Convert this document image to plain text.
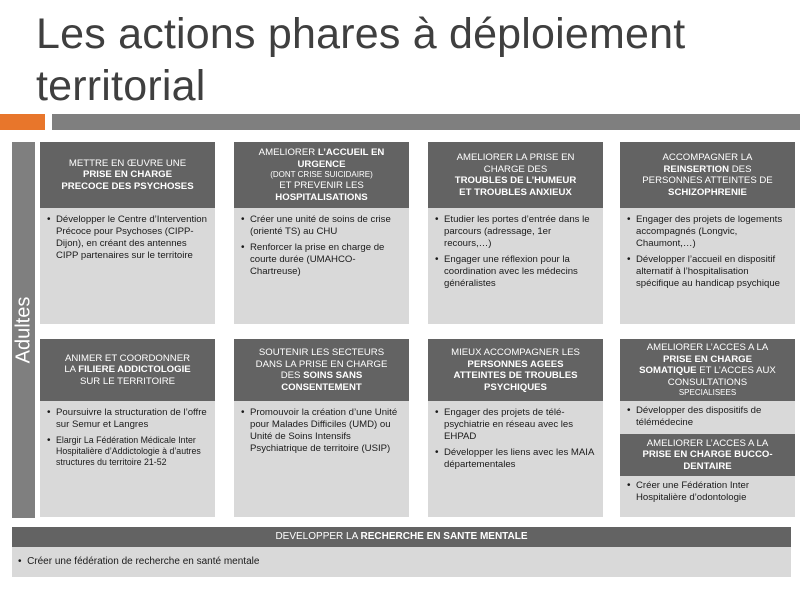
Les actions phares à déploiement
territorial
Adultes
METTRE EN ŒUVRE UNE
PRISE EN CHARGE
PRECOCE DES PSYCHOSES
• Développer le Centre d’Intervention Précoce pour Psychoses (CIPP-Dijon), en créant des antennes CIPP partenaires sur le territoire
AMELIORER L’ACCUEIL EN
URGENCE
(DONT CRISE SUICIDAIRE)
ET PREVENIR LES
HOSPITALISATIONS
• Créer une unité de soins de crise (orienté TS) au CHU
• Renforcer la prise en charge de courte durée (UMAHCO-Chartreuse)
AMELIORER LA PRISE EN
CHARGE DES
TROUBLES DE L’HUMEUR
ET TROUBLES ANXIEUX
• Etudier les portes d’entrée dans le parcours (adressage, 1er recours,…)
• Engager une réflexion pour la coordination avec les médecins généralistes
ACCOMPAGNER LA
REINSERTION DES
PERSONNES ATTEINTES DE
SCHIZOPHRENIE
• Engager des projets de logements accompagnés (Longvic, Chaumont,…)
• Développer l’accueil en dispositif alternatif à l’hospitalisation spécifique au handicap psychique
ANIMER ET COORDONNER
LA FILIERE ADDICTOLOGIE
SUR LE TERRITOIRE
• Poursuivre la structuration de l’offre sur Semur et Langres
• Elargir La Fédération Médicale Inter Hospitalière d’Addictologie à d’autres structures du territoire 21-52
SOUTENIR LES SECTEURS
DANS LA PRISE EN CHARGE
DES SOINS SANS
CONSENTEMENT
• Promouvoir la création d’une Unité pour Malades Difficiles (UMD) ou Unité de Soins Intensifs Psychiatrique de territoire (USIP)
MIEUX ACCOMPAGNER LES
PERSONNES AGEES
ATTEINTES DE TROUBLES
PSYCHIQUES
• Engager des projets de télé-psychiatrie en réseau avec les EHPAD
• Développer les liens avec les MAIA départementales
AMELIORER L’ACCES A LA
PRISE EN CHARGE
SOMATIQUE ET L’ACCES AUX
CONSULTATIONS
SPECIALISEES
• Développer des dispositifs de télémédecine
AMELIORER L’ACCES A LA
PRISE EN CHARGE BUCCO-
DENTAIRE
• Créer une Fédération Inter Hospitalière d’odontologie
DEVELOPPER LA RECHERCHE EN SANTE MENTALE
•  Créer une fédération de recherche en santé mentale
